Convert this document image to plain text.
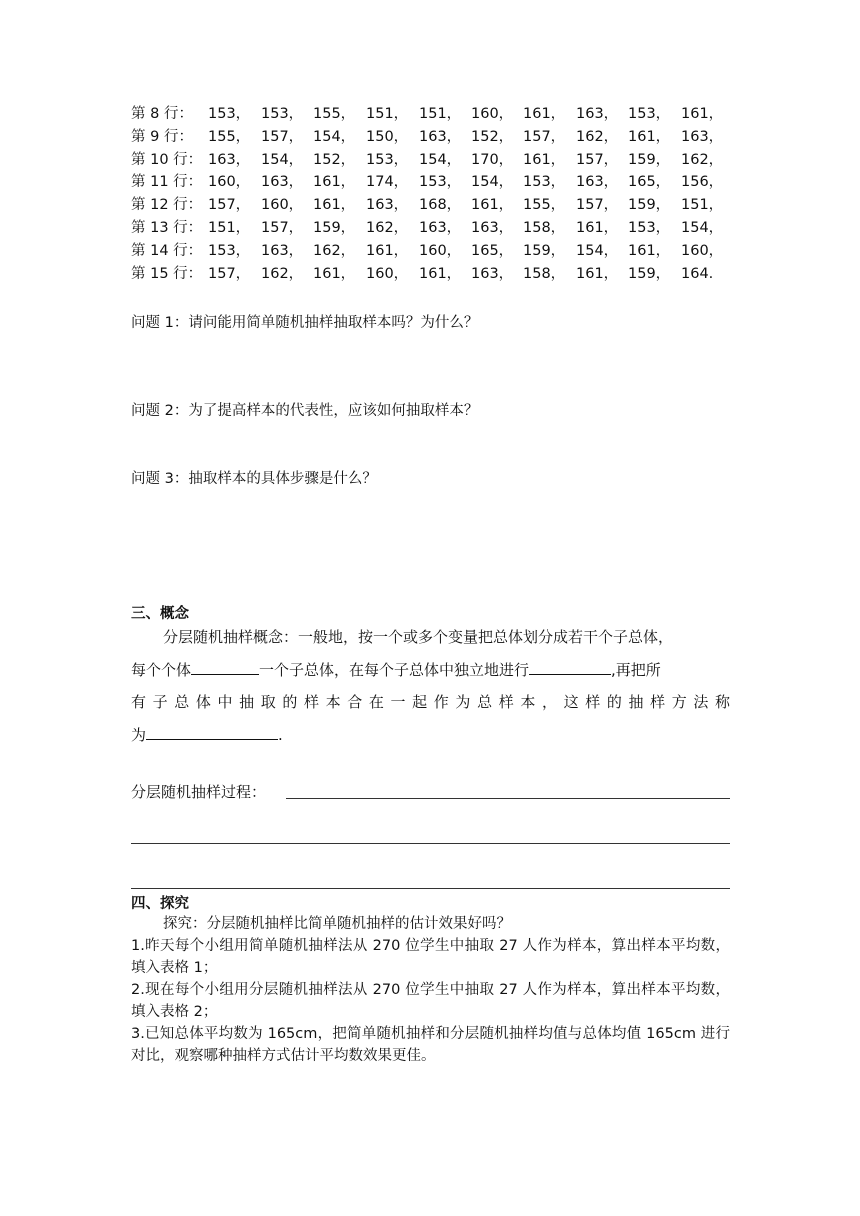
第 8 行： 153， 153， 155， 151， 151， 160， 161， 163， 153， 161，
第 9 行： 155， 157， 154， 150， 163， 152， 157， 162， 161， 163，
第 10 行： 163， 154， 152， 153， 154， 170， 161， 157， 159， 162，
第 11 行： 160， 163， 161， 174， 153， 154， 153， 163， 165， 156，
第 12 行： 157， 160， 161， 163， 168， 161， 155， 157， 159， 151，
第 13 行： 151， 157， 159， 162， 163， 163， 158， 161， 153， 154，
第 14 行： 153， 163， 162， 161， 160， 165， 159， 154， 161， 160，
第 15 行： 157， 162， 161， 160， 161， 163， 158， 161， 159， 164.
问题 1：请问能用简单随机抽样抽取样本吗？为什么？
问题 2：为了提高样本的代表性，应该如何抽取样本？
问题 3：抽取样本的具体步骤是什么？
三、概念
分层随机抽样概念：一般地，按一个或多个变量把总体划分成若干个子总体，
每个个体	一个子总体，在每个子总体中独立地进行	,再把所
有子总体中抽取的样本合在一起作为总样本，这样的抽样方法称
为	.
分层随机抽样过程：
四、探究
探究：分层随机抽样比简单随机抽样的估计效果好吗？
1.昨天每个小组用简单随机抽样法从 270 位学生中抽取 27 人作为样本，算出样本平均数，填入表格 1；
2.现在每个小组用分层随机抽样法从 270 位学生中抽取 27 人作为样本，算出样本平均数，填入表格 2；
3.已知总体平均数为 165cm，把简单随机抽样和分层随机抽样均值与总体均值 165cm 进行对比，观察哪种抽样方式估计平均数效果更佳。
